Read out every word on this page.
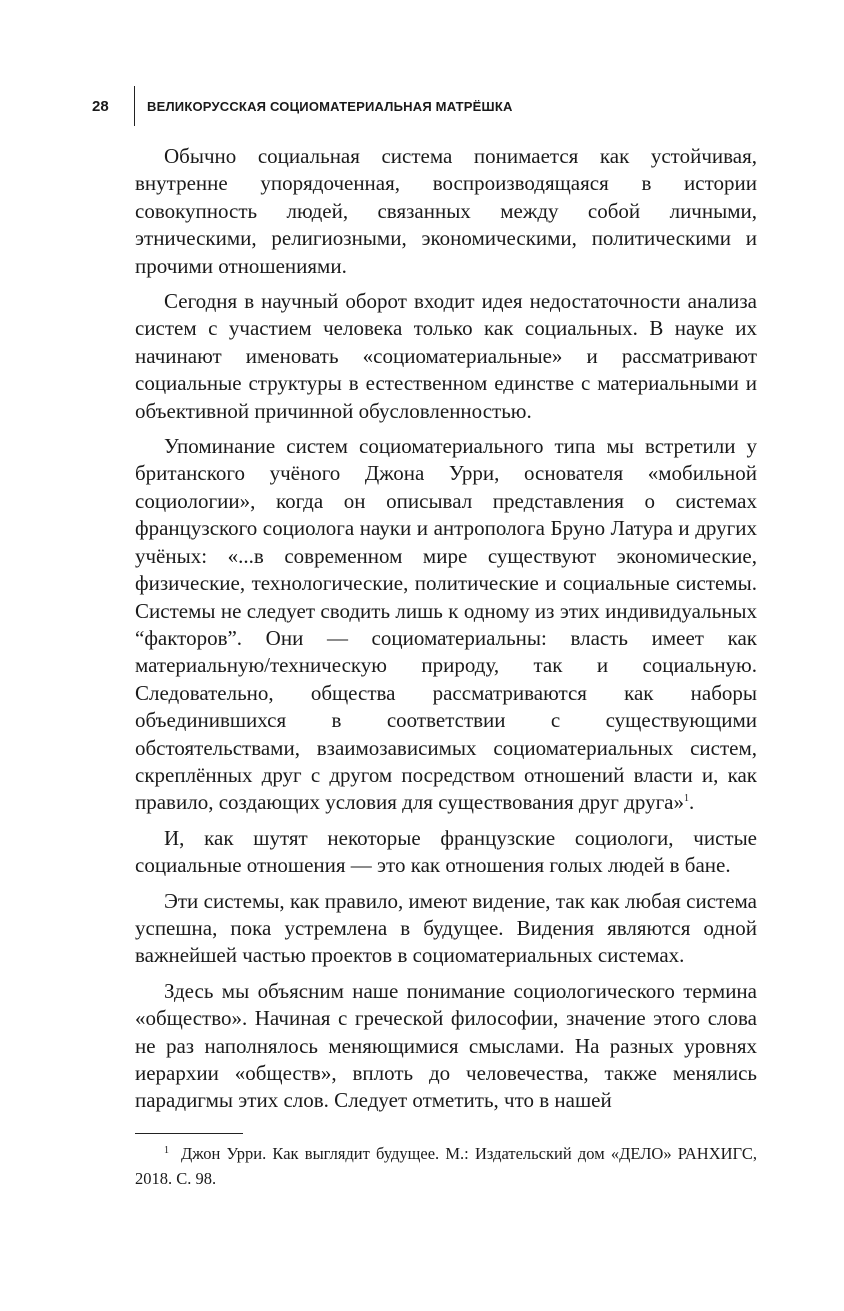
28	ВЕЛИКОРУССКАЯ СОЦИОМАТЕРИАЛЬНАЯ МАТРЁШКА

Обычно социальная система понимается как устойчивая, внутренне упорядоченная, воспроизводящаяся в истории совокупность людей, связанных между собой личными, этническими, религиозными, экономическими, политическими и прочими отношениями.

Сегодня в научный оборот входит идея недостаточности анализа систем с участием человека только как социальных. В науке их начинают именовать «социоматериальные» и рассматривают социальные структуры в естественном единстве с материальными и объективной причинной обусловленностью.

Упоминание систем социоматериального типа мы встретили у британского учёного Джона Урри, основателя «мобильной социологии», когда он описывал представления о системах французского социолога науки и антрополога Бруно Латура и других учёных: «...в современном мире существуют экономические, физические, технологические, политические и социальные системы. Системы не следует сводить лишь к одному из этих индивидуальных “факторов”. Они — социоматериальны: власть имеет как материальную/техническую природу, так и социальную. Следовательно, общества рассматриваются как наборы объединившихся в соответствии с существующими обстоятельствами, взаимозависимых социоматериальных систем, скреплённых друг с другом посредством отношений власти и, как правило, создающих условия для существования друг друга»$^1$.

И, как шутят некоторые французские социологи, чистые социальные отношения — это как отношения голых людей в бане.

Эти системы, как правило, имеют видение, так как любая система успешна, пока устремлена в будущее. Видения являются одной важнейшей частью проектов в социоматериальных системах.

Здесь мы объясним наше понимание социологического термина «общество». Начиная с греческой философии, значение этого слова не раз наполнялось меняющимися смыслами. На разных уровнях иерархии «обществ», вплоть до человечества, также менялись парадигмы этих слов. Следует отметить, что в нашей

$^1$ Джон Урри. Как выглядит будущее. М.: Издательский дом «ДЕЛО» РАНХИГС, 2018. С. 98.
